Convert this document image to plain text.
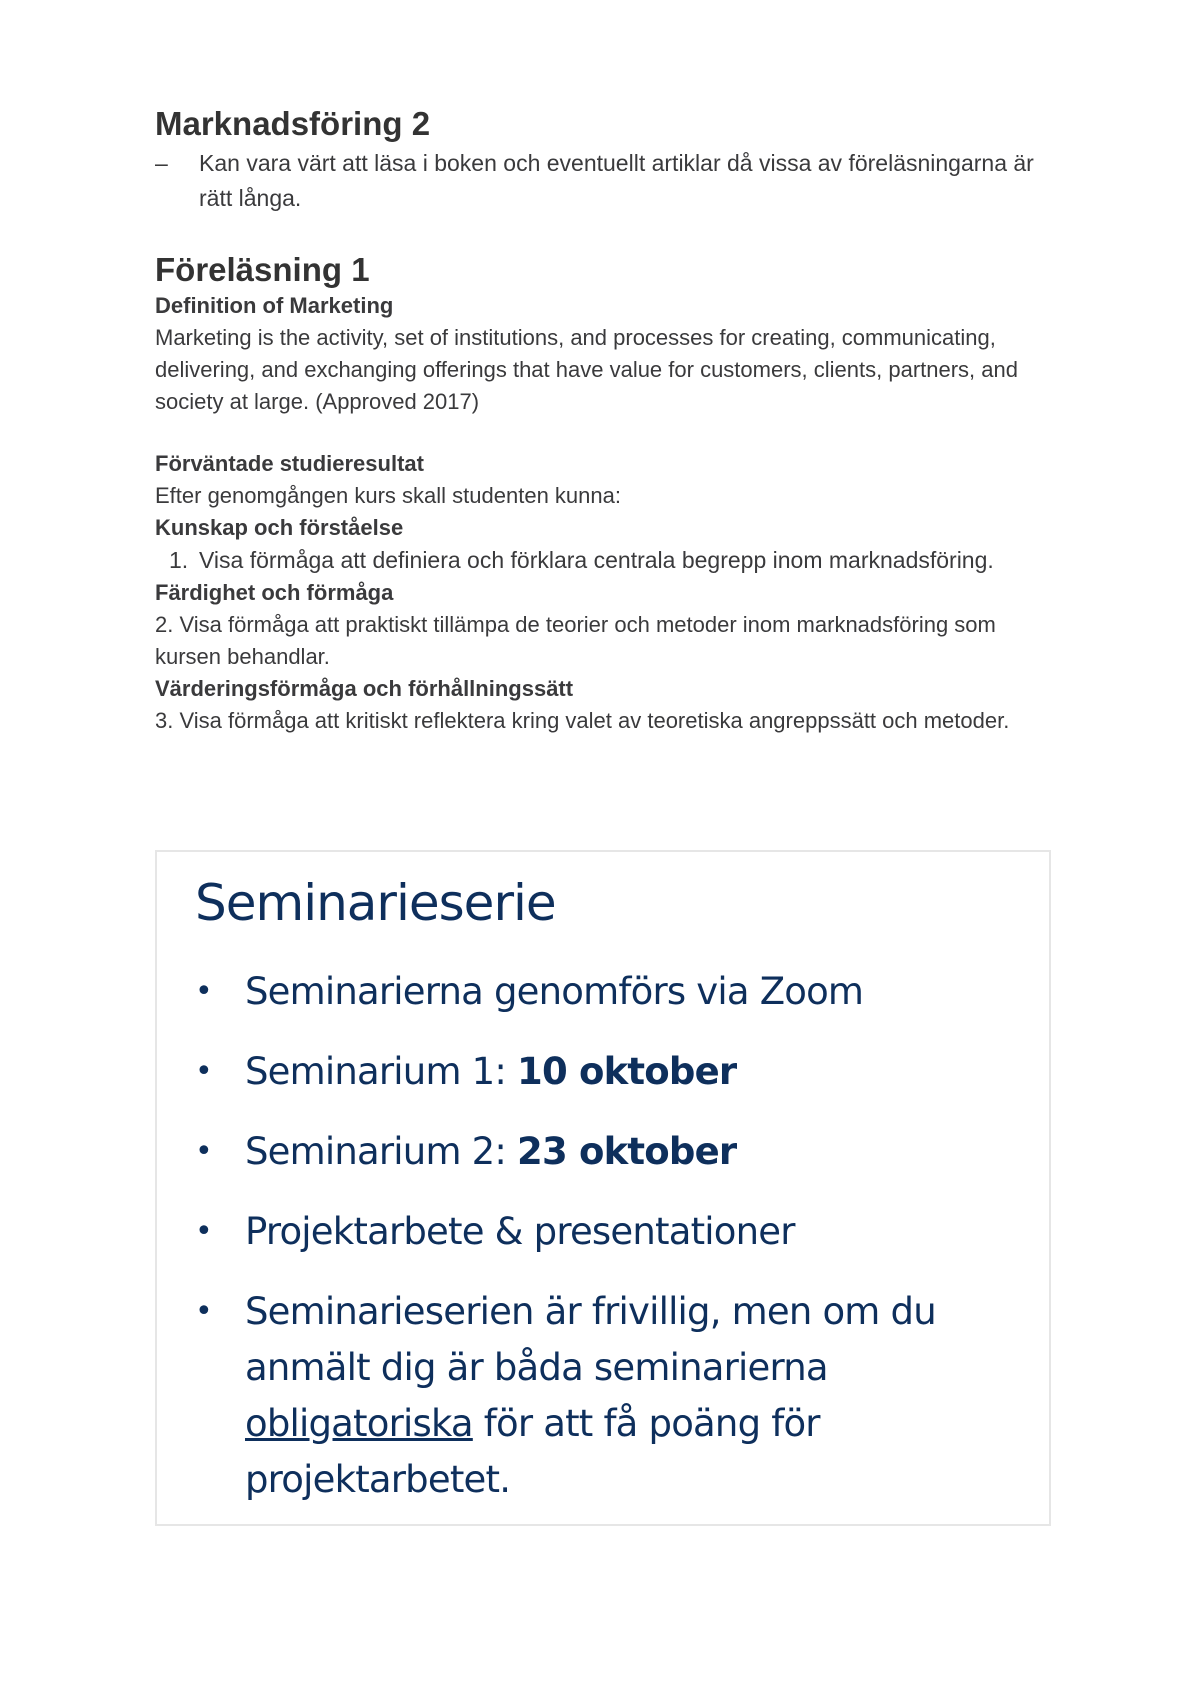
Marknadsföring 2
–	Kan vara värt att läsa i boken och eventuellt artiklar då vissa av föreläsningarna är rätt långa.
Föreläsning 1

Definition of Marketing

Marketing is the activity, set of institutions, and processes for creating, communicating, delivering, and exchanging offerings that have value for customers, clients, partners, and society at large. (Approved 2017)

Förväntade studieresultat

Efter genomgången kurs skall studenten kunna:

Kunskap och förståelse

1. Visa förmåga att definiera och förklara centrala begrepp inom marknadsföring.

Färdighet och förmåga

2. Visa förmåga att praktiskt tillämpa de teorier och metoder inom marknadsföring som kursen behandlar.

Värderingsförmåga och förhållningssätt

3. Visa förmåga att kritiskt reflektera kring valet av teoretiska angreppssätt och metoder.

Seminarieserie
• Seminarierna genomförs via Zoom
• Seminarium 1: 10 oktober
• Seminarium 2: 23 oktober
• Projektarbete & presentationer
• Seminarieserien är frivillig, men om du anmält dig är båda seminarierna obligatoriska för att få poäng för projektarbetet.
